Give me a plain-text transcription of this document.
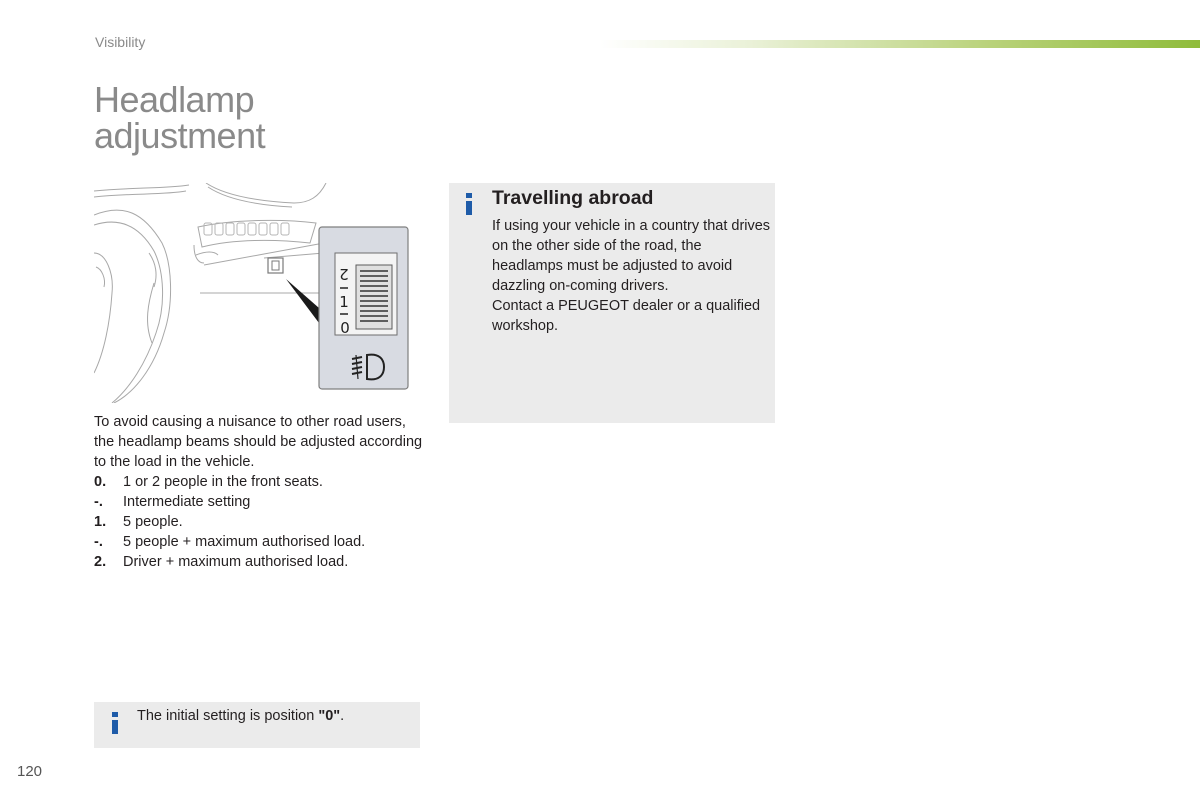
Visibility
Headlamp
adjustment
2
1
0

To avoid causing a nuisance to other road users, the headlamp beams should be adjusted according to the load in the vehicle.

0.	1 or 2 people in the front seats.
-.	Intermediate setting
1.	5 people.
-.	5 people + maximum authorised load.
2.	Driver + maximum authorised load.
Travelling abroad
If using your vehicle in a country that drives on the other side of the road, the headlamps must be adjusted to avoid dazzling on-coming drivers.
Contact a PEUGEOT dealer or a qualified workshop.
The initial setting is position "0".
120
